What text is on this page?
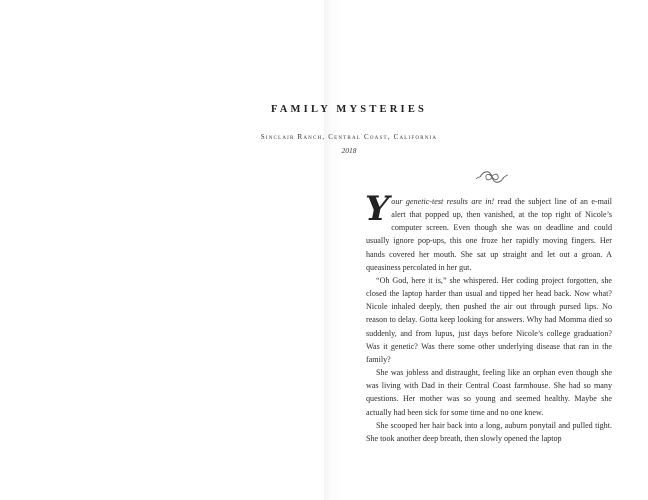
FAMILY MYSTERIES
Sinclair Ranch, Central Coast, California
2018

Your genetic-test results are in! read the subject line of an e-mail alert that popped up, then vanished, at the top right of Nicole’s computer screen. Even though she was on deadline and could usually ignore pop-ups, this one froze her rapidly moving fingers. Her hands covered her mouth. She sat up straight and let out a groan. A queasiness percolated in her gut.

“Oh God, here it is,” she whispered. Her coding project forgotten, she closed the laptop harder than usual and tipped her head back. Now what? Nicole inhaled deeply, then pushed the air out through pursed lips. No reason to delay. Gotta keep looking for answers. Why had Momma died so suddenly, and from lupus, just days before Nicole’s college graduation? Was it genetic? Was there some other underlying disease that ran in the family?

She was jobless and distraught, feeling like an orphan even though she was living with Dad in their Central Coast farmhouse. She had so many questions. Her mother was so young and seemed healthy. Maybe she actually had been sick for some time and no one knew.

She scooped her hair back into a long, auburn ponytail and pulled tight. She took another deep breath, then slowly opened the laptop
